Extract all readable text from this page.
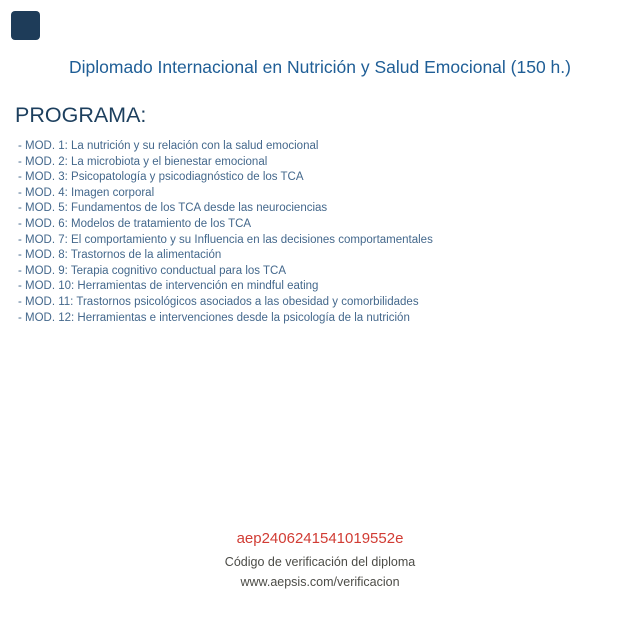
Diplomado Internacional en Nutrición y Salud Emocional (150 h.)
PROGRAMA:
- MOD. 1: La nutrición y su relación con la salud emocional
- MOD. 2: La microbiota y el bienestar emocional
- MOD. 3: Psicopatología y psicodiagnóstico de los TCA
- MOD. 4: Imagen corporal
- MOD. 5: Fundamentos de los TCA desde las neurociencias
- MOD. 6: Modelos de tratamiento de los TCA
- MOD. 7: El comportamiento y su Influencia en las decisiones comportamentales
- MOD. 8: Trastornos de la alimentación
- MOD. 9: Terapia cognitivo conductual para los TCA
- MOD. 10: Herramientas de intervención en mindful eating
- MOD. 11: Trastornos psicológicos asociados a las obesidad y comorbilidades
- MOD. 12: Herramientas e intervenciones desde la psicología de la nutrición
aep2406241541019552e
Código de verificación del diploma
www.aepsis.com/verificacion
